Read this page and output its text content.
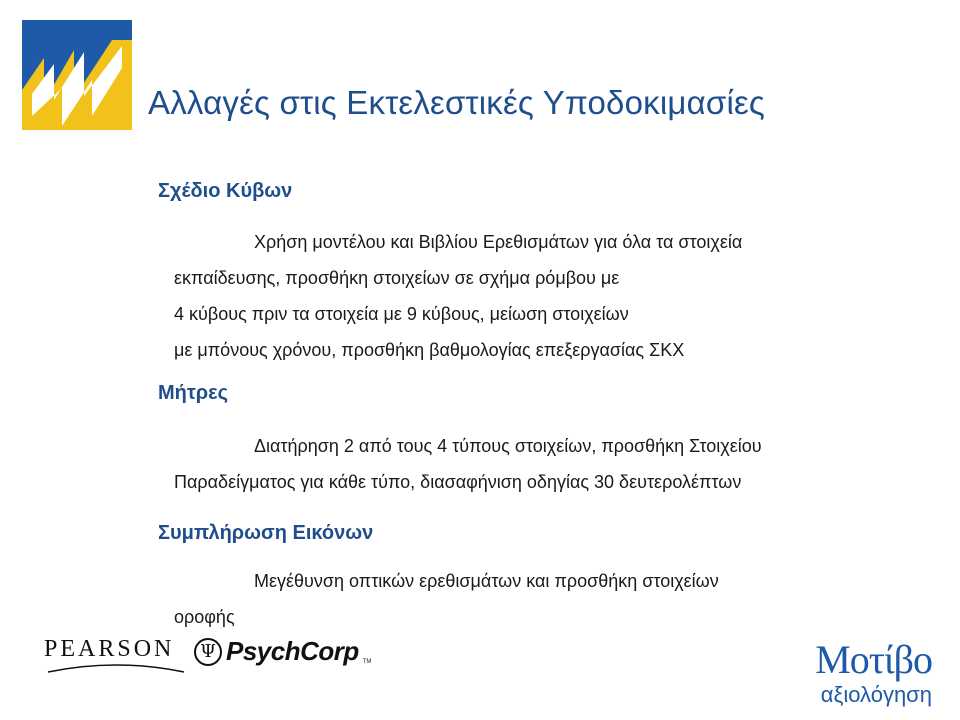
Αλλαγές στις Εκτελεστικές Υποδοκιμασίες
Σχέδιο Κύβων
Χρήση μοντέλου και Βιβλίου Ερεθισμάτων για όλα τα στοιχεία
εκπαίδευσης, προσθήκη στοιχείων σε σχήμα ρόμβου με
4 κύβους πριν τα στοιχεία με 9 κύβους, μείωση στοιχείων
με μπόνους χρόνου, προσθήκη βαθμολογίας επεξεργασίας ΣΚΧ
Μήτρες
Διατήρηση 2 από τους 4 τύπους στοιχείων, προσθήκη Στοιχείου
Παραδείγματος για κάθε τύπο, διασαφήνιση οδηγίας 30 δευτερολέπτων
Συμπλήρωση Εικόνων
Μεγέθυνση οπτικών ερεθισμάτων και προσθήκη στοιχείων
οροφής
PEARSON	Ψ PsychCorp TM	Μοτίβο
αξιολόγηση
